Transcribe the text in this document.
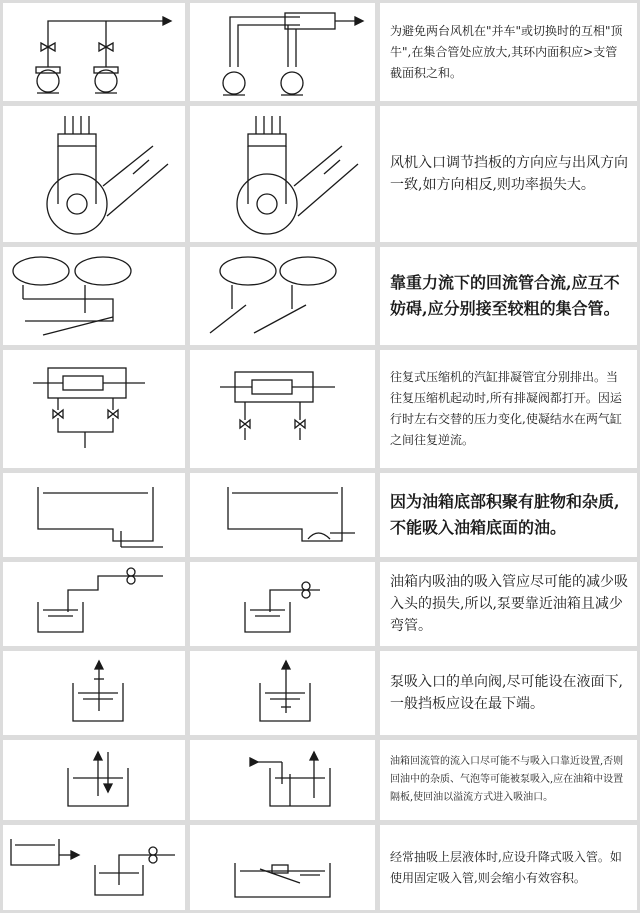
为避免两台风机在"并车"或切换时的互相"顶牛",在集合管处应放大,其环内面积应>支管截面积之和。

风机入口调节挡板的方向应与出风方向一致,如方向相反,则功率损失大。

靠重力流下的回流管合流,应互不妨碍,应分别接至较粗的集合管。

往复式压缩机的汽缸排凝管宜分别排出。当往复压缩机起动时,所有排凝阀都打开。因运行时左右交替的压力变化,使凝结水在两气缸之间往复逆流。

因为油箱底部积聚有脏物和杂质,不能吸入油箱底面的油。

油箱内吸油的吸入管应尽可能的减少吸入头的损失,所以,泵要靠近油箱且减少弯管。

泵吸入口的单向阀,尽可能设在液面下,一般挡板应设在最下端。

油箱回流管的流入口尽可能不与吸入口靠近设置,否则回油中的杂质、气泡等可能被泵吸入,应在油箱中设置隔板,使回油以溢流方式进入吸油口。

经常抽吸上层液体时,应设升降式吸入管。如使用固定吸入管,则会缩小有效容积。
